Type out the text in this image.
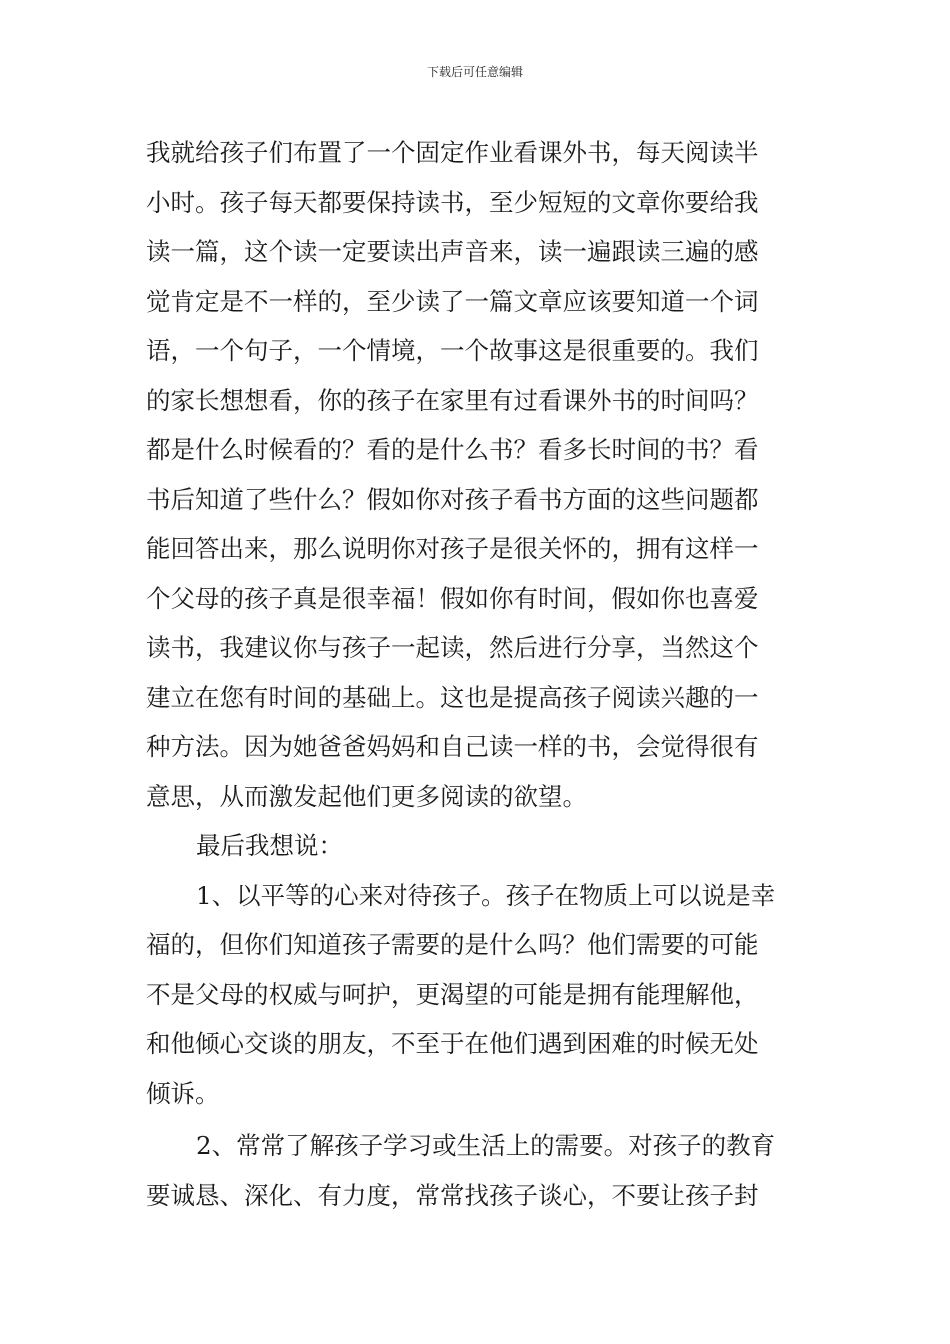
下载后可任意编辑
我就给孩子们布置了一个固定作业看课外书，每天阅读半
小时。孩子每天都要保持读书，至少短短的文章你要给我
读一篇，这个读一定要读出声音来，读一遍跟读三遍的感
觉肯定是不一样的，至少读了一篇文章应该要知道一个词
语，一个句子，一个情境，一个故事这是很重要的。我们
的家长想想看，你的孩子在家里有过看课外书的时间吗？
都是什么时候看的？看的是什么书？看多长时间的书？看
书后知道了些什么？假如你对孩子看书方面的这些问题都
能回答出来，那么说明你对孩子是很关怀的，拥有这样一
个父母的孩子真是很幸福！假如你有时间，假如你也喜爱
读书，我建议你与孩子一起读，然后进行分享，当然这个
建立在您有时间的基础上。这也是提高孩子阅读兴趣的一
种方法。因为她爸爸妈妈和自己读一样的书，会觉得很有
意思，从而激发起他们更多阅读的欲望。
最后我想说：
1、以平等的心来对待孩子。孩子在物质上可以说是幸
福的，但你们知道孩子需要的是什么吗？他们需要的可能
不是父母的权威与呵护，更渴望的可能是拥有能理解他，
和他倾心交谈的朋友，不至于在他们遇到困难的时候无处
倾诉。
2、常常了解孩子学习或生活上的需要。对孩子的教育
要诚恳、深化、有力度，常常找孩子谈心，不要让孩子封
